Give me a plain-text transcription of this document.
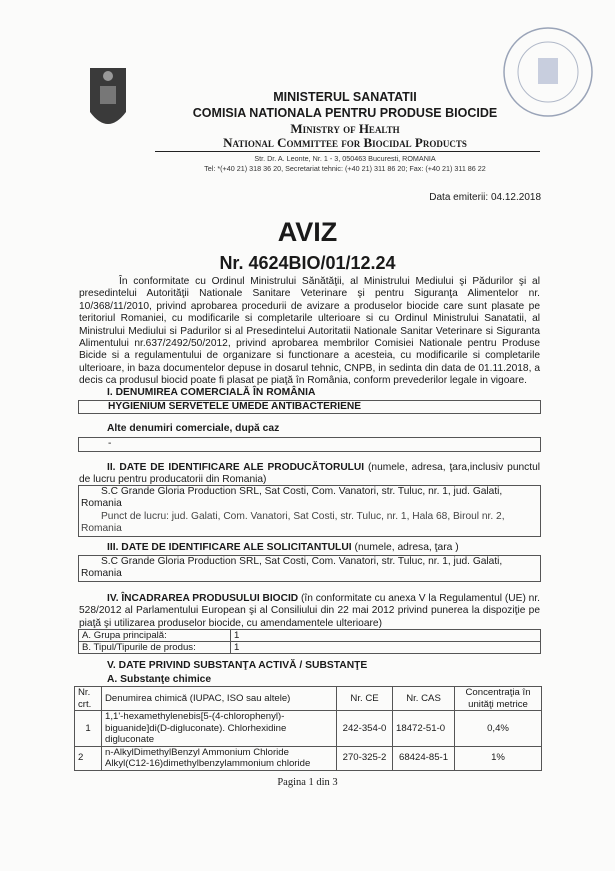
MINISTERUL SANATATII
COMISIA NATIONALA PENTRU PRODUSE BIOCIDE
Ministry of Health
National Committee for Biocidal Products
Str. Dr. A. Leonte, Nr. 1 - 3, 050463 Bucuresti, ROMANIA
Tel: *(+40 21) 318 36 20, Secretariat tehnic: (+40 21) 311 86 20; Fax: (+40 21) 311 86 22
Data emiterii: 04.12.2018
AVIZ
Nr. 4624BIO/01/12.24
În conformitate cu Ordinul Ministrului Sănătăţii, al Ministrului Mediului şi Pădurilor şi al presedintelui Autorităţii Nationale Sanitare Veterinare şi pentru Siguranţa Alimentelor nr. 10/368/11/2010, privind aprobarea procedurii de avizare a produselor biocide care sunt plasate pe teritoriul Romaniei, cu modificarile si completarile ulterioare si cu Ordinul Ministrului Sanatatii, al Ministrului Mediului si Padurilor si al Presedintelui Autoritatii Nationale Sanitar Veterinare si Siguranta Alimentului nr.637/2492/50/2012, privind aprobarea membrilor Comisiei Nationale pentru Produse Bicide si a regulamentului de organizare si functionare a acesteia, cu modificarile si completarile ulterioare, in baza documentelor depuse in dosarul tehnic, CNPB, in sedinta din data de 01.11.2018, a decis ca produsul biocid poate fi plasat pe piaţă în România, conform prevederilor legale in vigoare.
I. DENUMIREA COMERCIALĂ ÎN ROMÂNIA
HYGIENIUM SERVETELE UMEDE ANTIBACTERIENE
Alte denumiri comerciale, după caz
-
II. DATE DE IDENTIFICARE ALE PRODUCĂTORULUI (numele, adresa, ţara,inclusiv punctul de lucru pentru producatorii din Romania)
S.C Grande Gloria Production SRL, Sat Costi, Com. Vanatori, str. Tuluc, nr. 1, jud. Galati, Romania
Punct de lucru: jud. Galati, Com. Vanatori, Sat Costi, str. Tuluc, nr. 1, Hala 68, Biroul nr. 2, Romania
III. DATE DE IDENTIFICARE ALE SOLICITANTULUI (numele, adresa, ţara )
S.C Grande Gloria Production SRL, Sat Costi, Com. Vanatori, str. Tuluc, nr. 1, jud. Galati, Romania
IV. ÎNCADRAREA PRODUSULUI BIOCID (în conformitate cu anexa V la Regulamentul (UE) nr. 528/2012 al Parlamentului European şi al Consiliului din 22 mai 2012 privind punerea la dispoziţie pe piaţă şi utilizarea produselor biocide, cu amendamentele ulterioare)
A. Grupa principală:	1
B. Tipul/Tipurile de produs:	1
V. DATE PRIVIND SUBSTANŢA ACTIVĂ / SUBSTANŢE
A. Substanţe chimice
Nr. crt.	Denumirea chimică (IUPAC, ISO sau altele)	Nr. CE	Nr. CAS	Concentraţia în unităţi metrice
1	1,1'-hexamethylenebis[5-(4-chlorophenyl)-biguanide]di(D-digluconate). Chlorhexidine digluconate	242-354-0	18472-51-0	0,4%
2	n-AlkylDimethylBenzyl Ammonium Chloride Alkyl(C12-16)dimethylbenzylammonium chloride	270-325-2	68424-85-1	1%
Pagina 1 din 3
